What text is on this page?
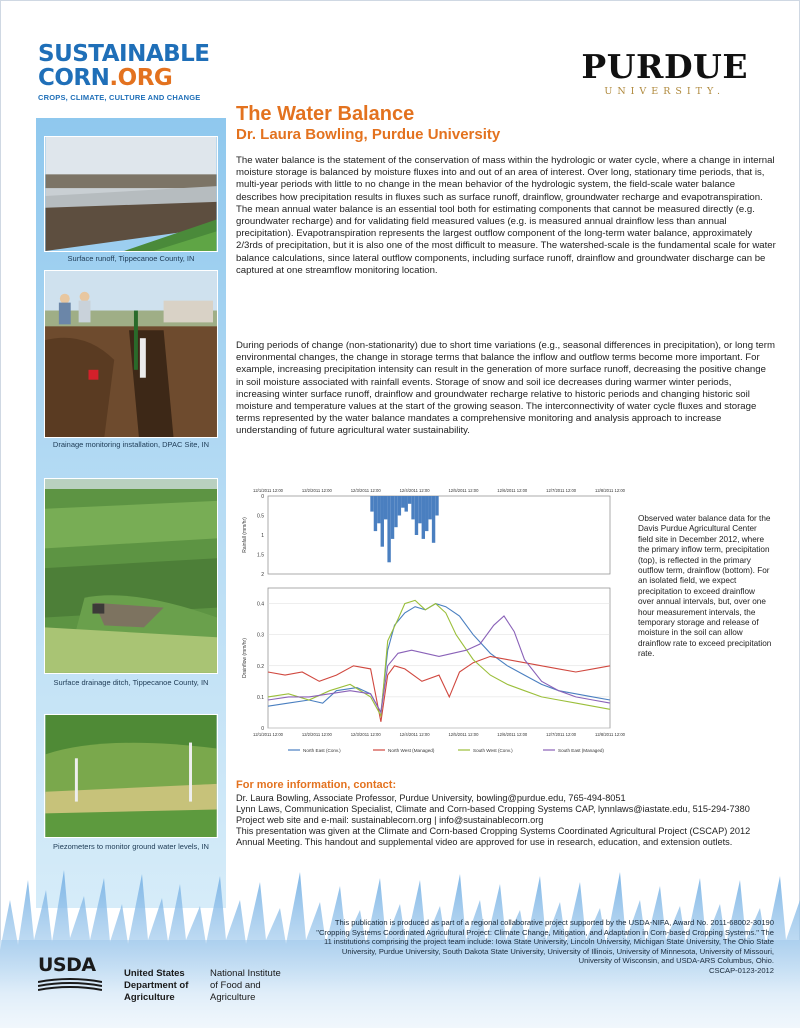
SUSTAINABLE
CORN.ORG
CROPS, CLIMATE, CULTURE AND CHANGE
PURDUE
UNIVERSITY.
Surface runoff, Tippecanoe County, IN
Drainage monitoring installation, DPAC Site, IN
Surface drainage ditch, Tippecanoe County, IN
Piezometers to monitor ground water levels, IN
The Water Balance
Dr. Laura Bowling, Purdue University
The water balance is the statement of the conservation of mass within the hydrologic or water cycle, where a change in internal moisture storage is balanced by moisture fluxes into and out of an area of interest. Over long, stationary time periods, that is, multi-year periods with little to no change in the mean behavior of the hydrologic system, the field-scale water balance describes how precipitation results in fluxes such as surface runoff, drainflow, groundwater recharge and evapotranspiration. The mean annual water balance is an essential tool both for estimating components that cannot be measured directly (e.g. groundwater recharge) and for validating field measured values (e.g. is measured annual drainflow less than annual precipitation). Evapotranspiration represents the largest outflow component of the long-term water balance, approximately 2/3rds of precipitation, but it is also one of the most difficult to measure. The watershed-scale is the fundamental scale for water balance calculations, since lateral outflow components, including surface runoff, drainflow and groundwater discharge can be captured at one streamflow monitoring location.
During periods of change (non-stationarity) due to short time variations (e.g., seasonal differences in precipitation), or long term environmental changes, the change in storage terms that balance the inflow and outflow terms become more important. For example, increasing precipitation intensity can result in the generation of more surface runoff, decreasing the positive change in soil moisture associated with rainfall events. Storage of snow and soil ice decreases during warmer winter periods, increasing winter surface runoff, drainflow and groundwater recharge relative to historic periods and changing historic soil moisture and temperature values at the start of the growing season. The interconnectivity of water cycle fluxes and storage terms represented by the water balance mandates a comprehensive monitoring and analysis approach to increase understanding of future agricultural water sustainability.
12/1/2011 12:00	12/2/2011 12:00	12/3/2011 12:00	12/4/2011 12:00	12/5/2011 12:00	12/6/2011 12:00	12/7/2011 12:00	12/8/2011 12:00
0
0.5
1
1.5
2
Rainfall (mm/hr)
0
0.1
0.2
0.3
0.4
Drainflow (mm/hr)
12/1/2011 12:00	12/2/2011 12:00	12/3/2011 12:00	12/4/2011 12:00	12/5/2011 12:00	12/6/2011 12:00	12/7/2011 12:00	12/8/2011 12:00
North East (Conv.)	North West (Managed)	South West (Conv.)	South East (Managed)
Observed water balance data for the Davis Purdue Agricultural Center field site in December 2012, where the primary inflow term, precipitation (top), is reflected in the primary outflow term, drainflow (bottom). For an isolated field, we expect precipitation to exceed drainflow over annual intervals, but, over one hour measurement intervals, the temporary storage and release of moisture in the soil can allow drainflow rate to exceed precipitation rate.
For more information, contact:
Dr. Laura Bowling, Associate Professor, Purdue University, bowling@purdue.edu, 765-494-8051
Lynn Laws, Communication Specialist, Climate and Corn-based Cropping Systems CAP, lynnlaws@iastate.edu, 515-294-7380
Project web site and e-mail: sustainablecorn.org | info@sustainablecorn.org
This presentation was given at the Climate and Corn-based Cropping Systems Coordinated Agricultural Project (CSCAP) 2012 Annual Meeting. This handout and supplemental video are approved for use in research, education, and extension outlets.
USDA	United States
Department of
Agriculture
National Institute
of Food and
Agriculture
This publication is produced as part of a regional collaborative project supported by the USDA-NIFA, Award No. 2011-68002-30190 "Cropping Systems Coordinated Agricultural Project: Climate Change, Mitigation, and Adaptation in Corn-based Cropping Systems." The 11 institutions comprising the project team include: Iowa State University, Lincoln University, Michigan State University, The Ohio State University, Purdue University, South Dakota State University, University of Illinois, University of Minnesota, University of Missouri, University of Wisconsin, and USDA-ARS Columbus, Ohio.
CSCAP-0123-2012
